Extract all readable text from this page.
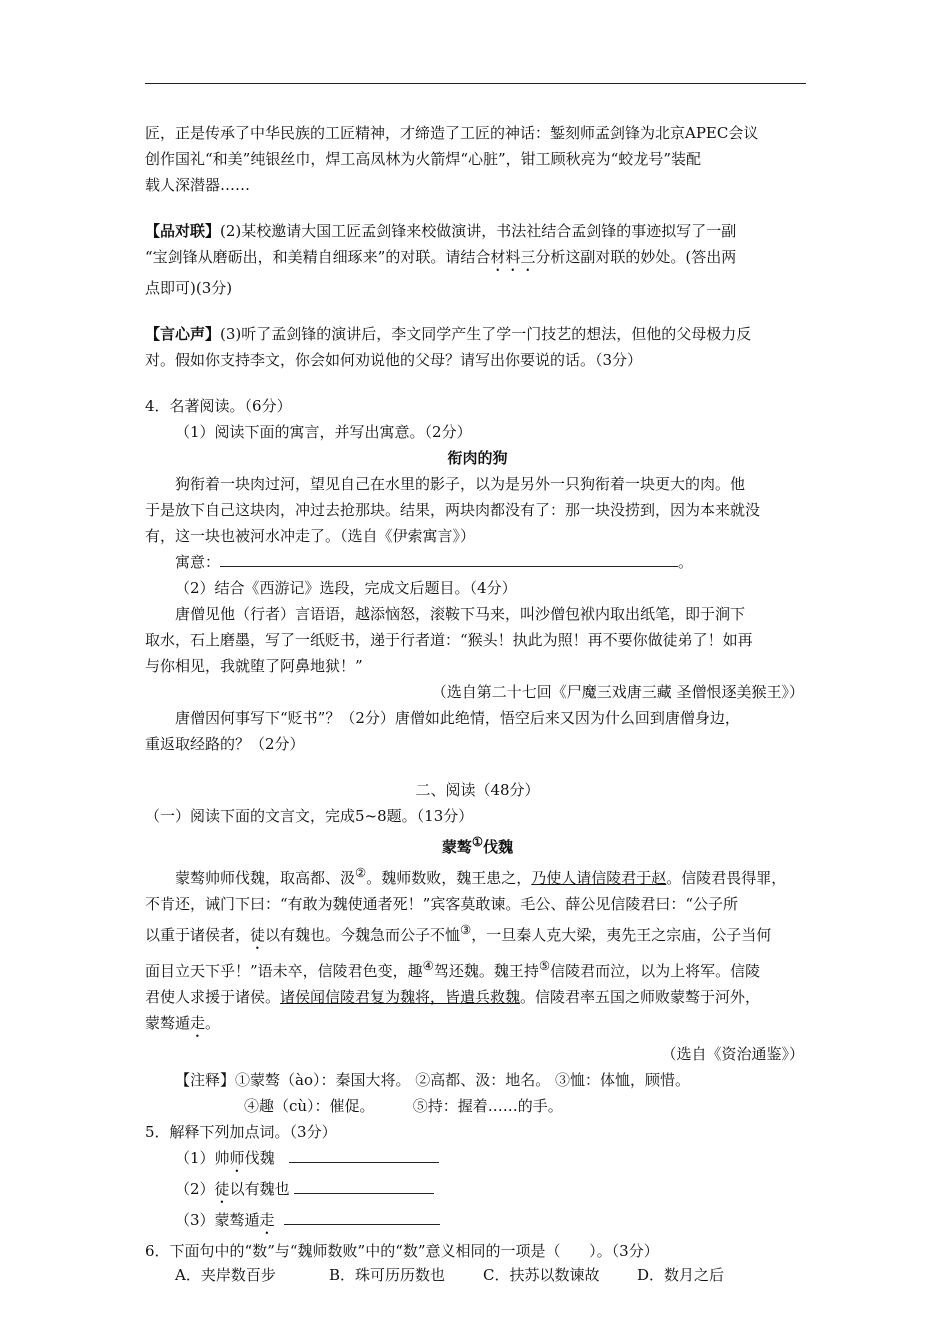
匠，正是传承了中华民族的工匠精神，才缔造了工匠的神话：錾刻师孟剑锋为北京APEC会议

创作国礼“和美”纯银丝巾，焊工高凤林为火箭焊“心脏”，钳工顾秋亮为“蛟龙号”装配

载人深潜器……

【品对联】(2)某校邀请大国工匠孟剑锋来校做演讲，书法社结合孟剑锋的事迹拟写了一副

“宝剑锋从磨砺出，和美精自细琢来”的对联。请结合材料三分析这副对联的妙处。(答出两

点即可)(3分)

【言心声】(3)听了孟剑锋的演讲后，李文同学产生了学一门技艺的想法，但他的父母极力反

对。假如你支持李文，你会如何劝说他的父母？请写出你要说的话。（3分）

4．名著阅读。（6分）

（1）阅读下面的寓言，并写出寓意。（2分）

衔肉的狗

狗衔着一块肉过河，望见自己在水里的影子，以为是另外一只狗衔着一块更大的肉。他

于是放下自己这块肉，冲过去抢那块。结果，两块肉都没有了：那一块没捞到，因为本来就没

有，这一块也被河水冲走了。（选自《伊索寓言》）

寓意：	。

（2）结合《西游记》选段，完成文后题目。（4分）

唐僧见他（行者）言语语，越添恼怒，滚鞍下马来，叫沙僧包袱内取出纸笔，即于涧下

取水，石上磨墨，写了一纸贬书，递于行者道：“猴头！执此为照！再不要你做徒弟了！如再

与你相见，我就堕了阿鼻地狱！”

（选自第二十七回《尸魔三戏唐三藏 圣僧恨逐美猴王》）

唐僧因何事写下“贬书”？（2分）唐僧如此绝情，悟空后来又因为什么回到唐僧身边，

重返取经路的？（2分）

二、阅读（48分）

（一）阅读下面的文言文，完成5~8题。（13分）

蒙骜①伐魏

蒙骜帅师伐魏，取高都、汲②。魏师数败，魏王患之，乃使人请信陵君于赵。信陵君畏得罪，

不肯还，诫门下曰：“有敢为魏使通者死！”宾客莫敢谏。毛公、薛公见信陵君曰：“公子所

以重于诸侯者，徒以有魏也。今魏急而公子不恤③，一旦秦人克大梁，夷先王之宗庙，公子当何

面目立天下乎！”语未卒，信陵君色变，趣④驾还魏。魏王持⑤信陵君而泣，以为上将军。信陵

君使人求援于诸侯。诸侯闻信陵君复为魏将，皆遣兵救魏。信陵君率五国之师败蒙骜于河外，

蒙骜遁走。

（选自《资治通鉴》）

【注释】①蒙骜（ào）：秦国大将。 ②高都、汲：地名。 ③恤：体恤，顾惜。

④趣（cù）：催促。        ⑤持：握着……的手。

5．解释下列加点词。（3分）

（1）帅师伐魏

（2）徒以有魏也

（3）蒙骜遁走

6．下面句中的“数”与“魏师数败”中的“数”意义相同的一项是（      ）。（3分）

A．夹岸数百步	B．珠可历历数也	C．扶苏以数谏故	D．数月之后
